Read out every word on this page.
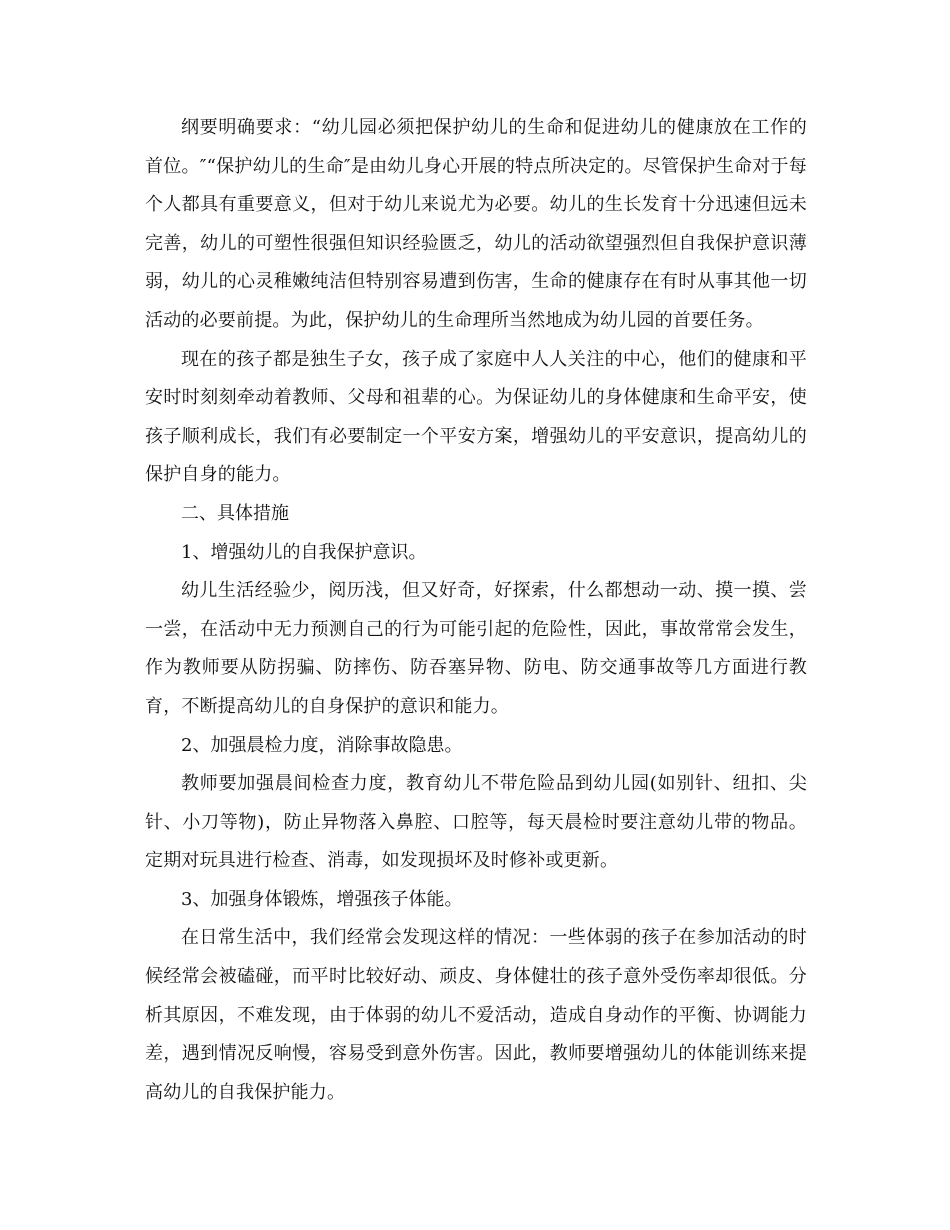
纲要明确要求：“幼儿园必须把保护幼儿的生命和促进幼儿的健康放在工作的首位。″“保护幼儿的生命″是由幼儿身心开展的特点所决定的。尽管保护生命对于每个人都具有重要意义，但对于幼儿来说尤为必要。幼儿的生长发育十分迅速但远未完善，幼儿的可塑性很强但知识经验匮乏，幼儿的活动欲望强烈但自我保护意识薄弱，幼儿的心灵稚嫩纯洁但特别容易遭到伤害，生命的健康存在有时从事其他一切活动的必要前提。为此，保护幼儿的生命理所当然地成为幼儿园的首要任务。

现在的孩子都是独生子女，孩子成了家庭中人人关注的中心，他们的健康和平安时时刻刻牵动着教师、父母和祖辈的心。为保证幼儿的身体健康和生命平安，使孩子顺利成长，我们有必要制定一个平安方案，增强幼儿的平安意识，提高幼儿的保护自身的能力。

二、具体措施

1、增强幼儿的自我保护意识。

幼儿生活经验少，阅历浅，但又好奇，好探索，什么都想动一动、摸一摸、尝一尝，在活动中无力预测自己的行为可能引起的危险性，因此，事故常常会发生，作为教师要从防拐骗、防摔伤、防吞塞异物、防电、防交通事故等几方面进行教育，不断提高幼儿的自身保护的意识和能力。

2、加强晨检力度，消除事故隐患。

教师要加强晨间检查力度，教育幼儿不带危险品到幼儿园(如别针、纽扣、尖针、小刀等物)，防止异物落入鼻腔、口腔等，每天晨检时要注意幼儿带的物品。定期对玩具进行检查、消毒，如发现损坏及时修补或更新。

3、加强身体锻炼，增强孩子体能。

在日常生活中，我们经常会发现这样的情况：一些体弱的孩子在参加活动的时候经常会被磕碰，而平时比较好动、顽皮、身体健壮的孩子意外受伤率却很低。分析其原因，不难发现，由于体弱的幼儿不爱活动，造成自身动作的平衡、协调能力差，遇到情况反响慢，容易受到意外伤害。因此，教师要增强幼儿的体能训练来提高幼儿的自我保护能力。
